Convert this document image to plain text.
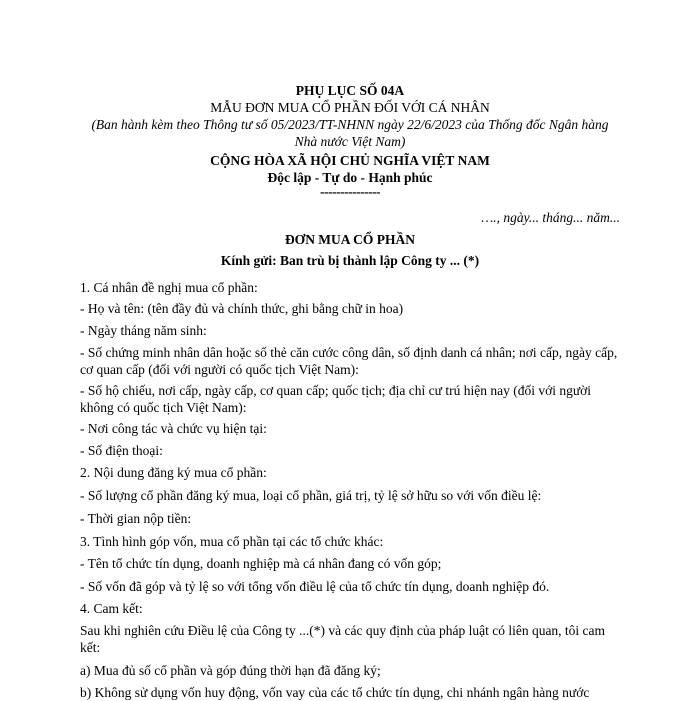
PHỤ LỤC SỐ 04A
MẪU ĐƠN MUA CỔ PHẦN ĐỐI VỚI CÁ NHÂN
(Ban hành kèm theo Thông tư số 05/2023/TT-NHNN ngày 22/6/2023 của Thống đốc Ngân hàng
Nhà nước Việt Nam)
CỘNG HÒA XÃ HỘI CHỦ NGHĨA VIỆT NAM
Độc lập - Tự do - Hạnh phúc
---------------
…., ngày... tháng... năm...
ĐƠN MUA CỔ PHẦN
Kính gửi: Ban trù bị thành lập Công ty ... (*)
1. Cá nhân đề nghị mua cổ phần:
- Họ và tên: (tên đầy đủ và chính thức, ghi bằng chữ in hoa)
- Ngày tháng năm sinh:
- Số chứng minh nhân dân hoặc số thẻ căn cước công dân, số định danh cá nhân; nơi cấp, ngày cấp, cơ quan cấp (đối với người có quốc tịch Việt Nam):
- Số hộ chiếu, nơi cấp, ngày cấp, cơ quan cấp; quốc tịch; địa chỉ cư trú hiện nay (đối với người không có quốc tịch Việt Nam):
- Nơi công tác và chức vụ hiện tại:
- Số điện thoại:
2. Nội dung đăng ký mua cổ phần:
- Số lượng cổ phần đăng ký mua, loại cổ phần, giá trị, tỷ lệ sở hữu so với vốn điều lệ:
- Thời gian nộp tiền:
3. Tình hình góp vốn, mua cổ phần tại các tổ chức khác:
- Tên tổ chức tín dụng, doanh nghiệp mà cá nhân đang có vốn góp;
- Số vốn đã góp và tỷ lệ so với tổng vốn điều lệ của tổ chức tín dụng, doanh nghiệp đó.
4. Cam kết:
Sau khi nghiên cứu Điều lệ của Công ty ...(*) và các quy định của pháp luật có liên quan, tôi cam kết:
a) Mua đủ số cổ phần và góp đúng thời hạn đã đăng ký;
b) Không sử dụng vốn huy động, vốn vay của các tổ chức tín dụng, chi nhánh ngân hàng nước
